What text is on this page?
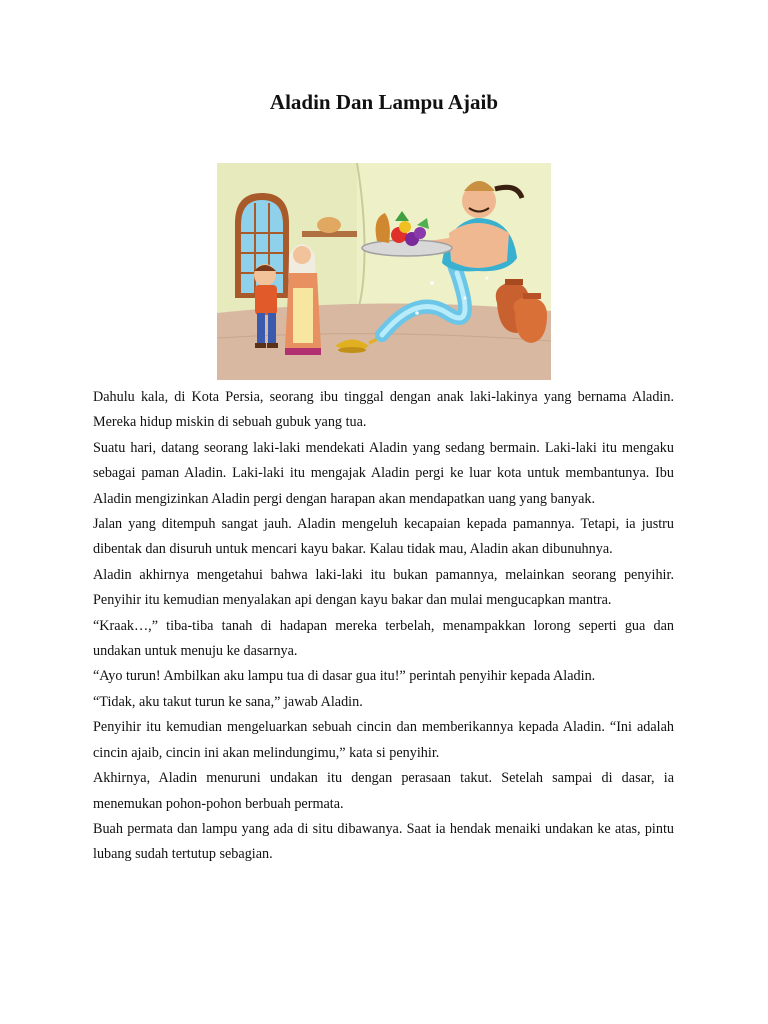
Aladin Dan Lampu Ajaib

Dahulu kala, di Kota Persia, seorang ibu tinggal dengan anak laki-lakinya yang bernama Aladin. Mereka hidup miskin di sebuah gubuk yang tua.

Suatu hari, datang seorang laki-laki mendekati Aladin yang sedang bermain. Laki-laki itu mengaku sebagai paman Aladin. Laki-laki itu mengajak Aladin pergi ke luar kota untuk membantunya. Ibu Aladin mengizinkan Aladin pergi dengan harapan akan mendapatkan uang yang banyak.

Jalan yang ditempuh sangat jauh. Aladin mengeluh kecapaian kepada pamannya. Tetapi, ia justru dibentak dan disuruh untuk mencari kayu bakar. Kalau tidak mau, Aladin akan dibunuhnya.

Aladin akhirnya mengetahui bahwa laki-laki itu bukan pamannya, melainkan seorang penyihir. Penyihir itu kemudian menyalakan api dengan kayu bakar dan mulai mengucapkan mantra.

“Kraak…,” tiba-tiba tanah di hadapan mereka terbelah, menampakkan lorong seperti gua dan undakan untuk menuju ke dasarnya.

“Ayo turun! Ambilkan aku lampu tua di dasar gua itu!” perintah penyihir kepada Aladin.

“Tidak, aku takut turun ke sana,” jawab Aladin.

Penyihir itu kemudian mengeluarkan sebuah cincin dan memberikannya kepada Aladin. “Ini adalah cincin ajaib, cincin ini akan melindungimu,” kata si penyihir.

Akhirnya, Aladin menuruni undakan itu dengan perasaan takut. Setelah sampai di dasar, ia menemukan pohon-pohon berbuah permata.

Buah permata dan lampu yang ada di situ dibawanya. Saat ia hendak menaiki undakan ke atas, pintu lubang sudah tertutup sebagian.
